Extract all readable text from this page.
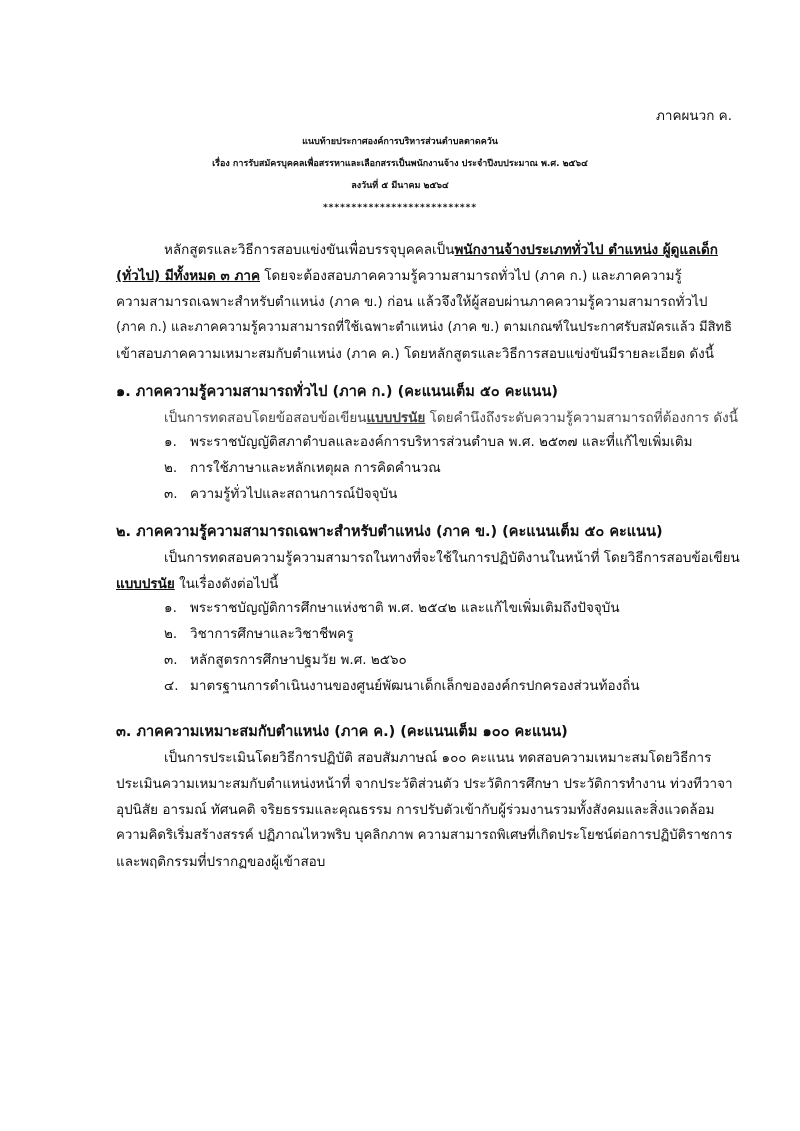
ภาคผนวก ค.
แนบท้ายประกาศองค์การบริหารส่วนตำบลตาดควัน
เรื่อง การรับสมัครบุคคลเพื่อสรรหาและเลือกสรรเป็นพนักงานจ้าง ประจำปีงบประมาณ พ.ศ. ๒๕๖๔
ลงวันที่ ๕ มีนาคม ๒๕๖๔
***************************
หลักสูตรและวิธีการสอบแข่งขันเพื่อบรรจุบุคคลเป็นพนักงานจ้างประเภททั่วไป ตำแหน่ง ผู้ดูแลเด็ก
(ทั่วไป) มีทั้งหมด ๓ ภาค โดยจะต้องสอบภาคความรู้ความสามารถทั่วไป (ภาค ก.) และภาคความรู้
ความสามารถเฉพาะสำหรับตำแหน่ง (ภาค ข.) ก่อน แล้วจึงให้ผู้สอบผ่านภาคความรู้ความสามารถทั่วไป
(ภาค ก.) และภาคความรู้ความสามารถที่ใช้เฉพาะตำแหน่ง (ภาค ข.) ตามเกณฑ์ในประกาศรับสมัครแล้ว มีสิทธิ
เข้าสอบภาคความเหมาะสมกับตำแหน่ง (ภาค ค.) โดยหลักสูตรและวิธีการสอบแข่งขันมีรายละเอียด ดังนี้
๑. ภาคความรู้ความสามารถทั่วไป (ภาค ก.) (คะแนนเต็ม ๕๐ คะแนน)
เป็นการทดสอบโดยข้อสอบข้อเขียนแบบปรนัย โดยคำนึงถึงระดับความรู้ความสามารถที่ต้องการ ดังนี้
๑. พระราชบัญญัติสภาตำบลและองค์การบริหารส่วนตำบล พ.ศ. ๒๕๓๗ และที่แก้ไขเพิ่มเติม
๒. การใช้ภาษาและหลักเหตุผล การคิดคำนวณ
๓. ความรู้ทั่วไปและสถานการณ์ปัจจุบัน
๒. ภาคความรู้ความสามารถเฉพาะสำหรับตำแหน่ง (ภาค ข.) (คะแนนเต็ม ๕๐ คะแนน)
เป็นการทดสอบความรู้ความสามารถในทางที่จะใช้ในการปฏิบัติงานในหน้าที่ โดยวิธีการสอบข้อเขียน
แบบปรนัย ในเรื่องดังต่อไปนี้
๑. พระราชบัญญัติการศึกษาแห่งชาติ พ.ศ. ๒๕๔๒ และแก้ไขเพิ่มเติมถึงปัจจุบัน
๒. วิชาการศึกษาและวิชาชีพครู
๓. หลักสูตรการศึกษาปฐมวัย พ.ศ. ๒๕๖๐
๔. มาตรฐานการดำเนินงานของศูนย์พัฒนาเด็กเล็กขององค์กรปกครองส่วนท้องถิ่น
๓. ภาคความเหมาะสมกับตำแหน่ง (ภาค ค.) (คะแนนเต็ม ๑๐๐ คะแนน)
เป็นการประเมินโดยวิธีการปฏิบัติ สอบสัมภาษณ์ ๑๐๐ คะแนน ทดสอบความเหมาะสมโดยวิธีการ
ประเมินความเหมาะสมกับตำแหน่งหน้าที่ จากประวัติส่วนตัว ประวัติการศึกษา ประวัติการทำงาน ท่วงทีวาจา
อุปนิสัย อารมณ์ ทัศนคติ จริยธรรมและคุณธรรม การปรับตัวเข้ากับผู้ร่วมงานรวมทั้งสังคมและสิ่งแวดล้อม
ความคิดริเริ่มสร้างสรรค์ ปฏิภาณไหวพริบ บุคลิกภาพ ความสามารถพิเศษที่เกิดประโยชน์ต่อการปฏิบัติราชการ
และพฤติกรรมที่ปรากฏของผู้เข้าสอบ
